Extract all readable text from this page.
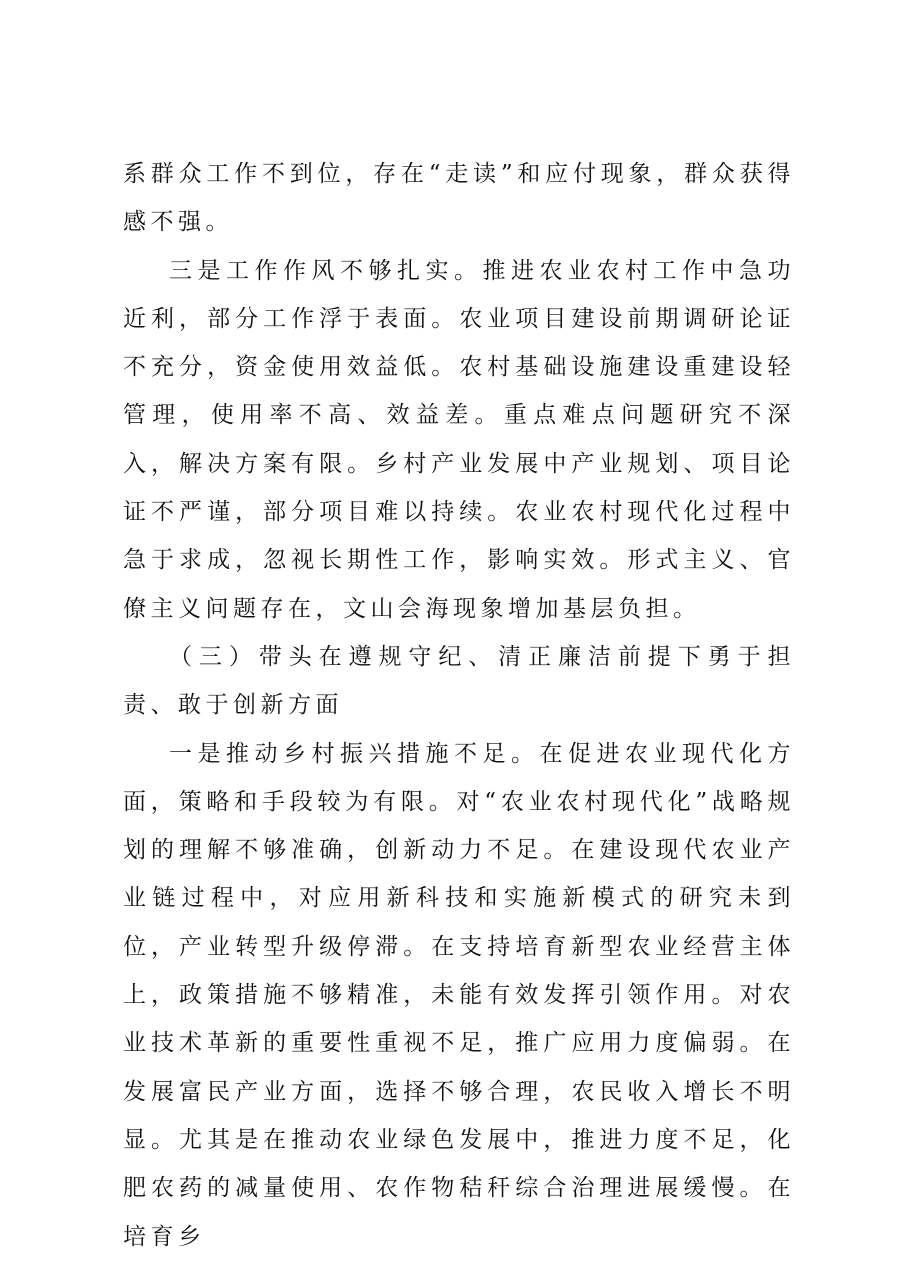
系群众工作不到位，存在“走读”和应付现象，群众获得感不强。

三是工作作风不够扎实。推进农业农村工作中急功近利，部分工作浮于表面。农业项目建设前期调研论证不充分，资金使用效益低。农村基础设施建设重建设轻管理，使用率不高、效益差。重点难点问题研究不深入，解决方案有限。乡村产业发展中产业规划、项目论证不严谨，部分项目难以持续。农业农村现代化过程中急于求成，忽视长期性工作，影响实效。形式主义、官僚主义问题存在，文山会海现象增加基层负担。

（三）带头在遵规守纪、清正廉洁前提下勇于担责、敢于创新方面

一是推动乡村振兴措施不足。在促进农业现代化方面，策略和手段较为有限。对“农业农村现代化”战略规划的理解不够准确，创新动力不足。在建设现代农业产业链过程中，对应用新科技和实施新模式的研究未到位，产业转型升级停滞。在支持培育新型农业经营主体上，政策措施不够精准，未能有效发挥引领作用。对农业技术革新的重要性重视不足，推广应用力度偏弱。在发展富民产业方面，选择不够合理，农民收入增长不明显。尤其是在推动农业绿色发展中，推进力度不足，化肥农药的减量使用、农作物秸秆综合治理进展缓慢。在培育乡
